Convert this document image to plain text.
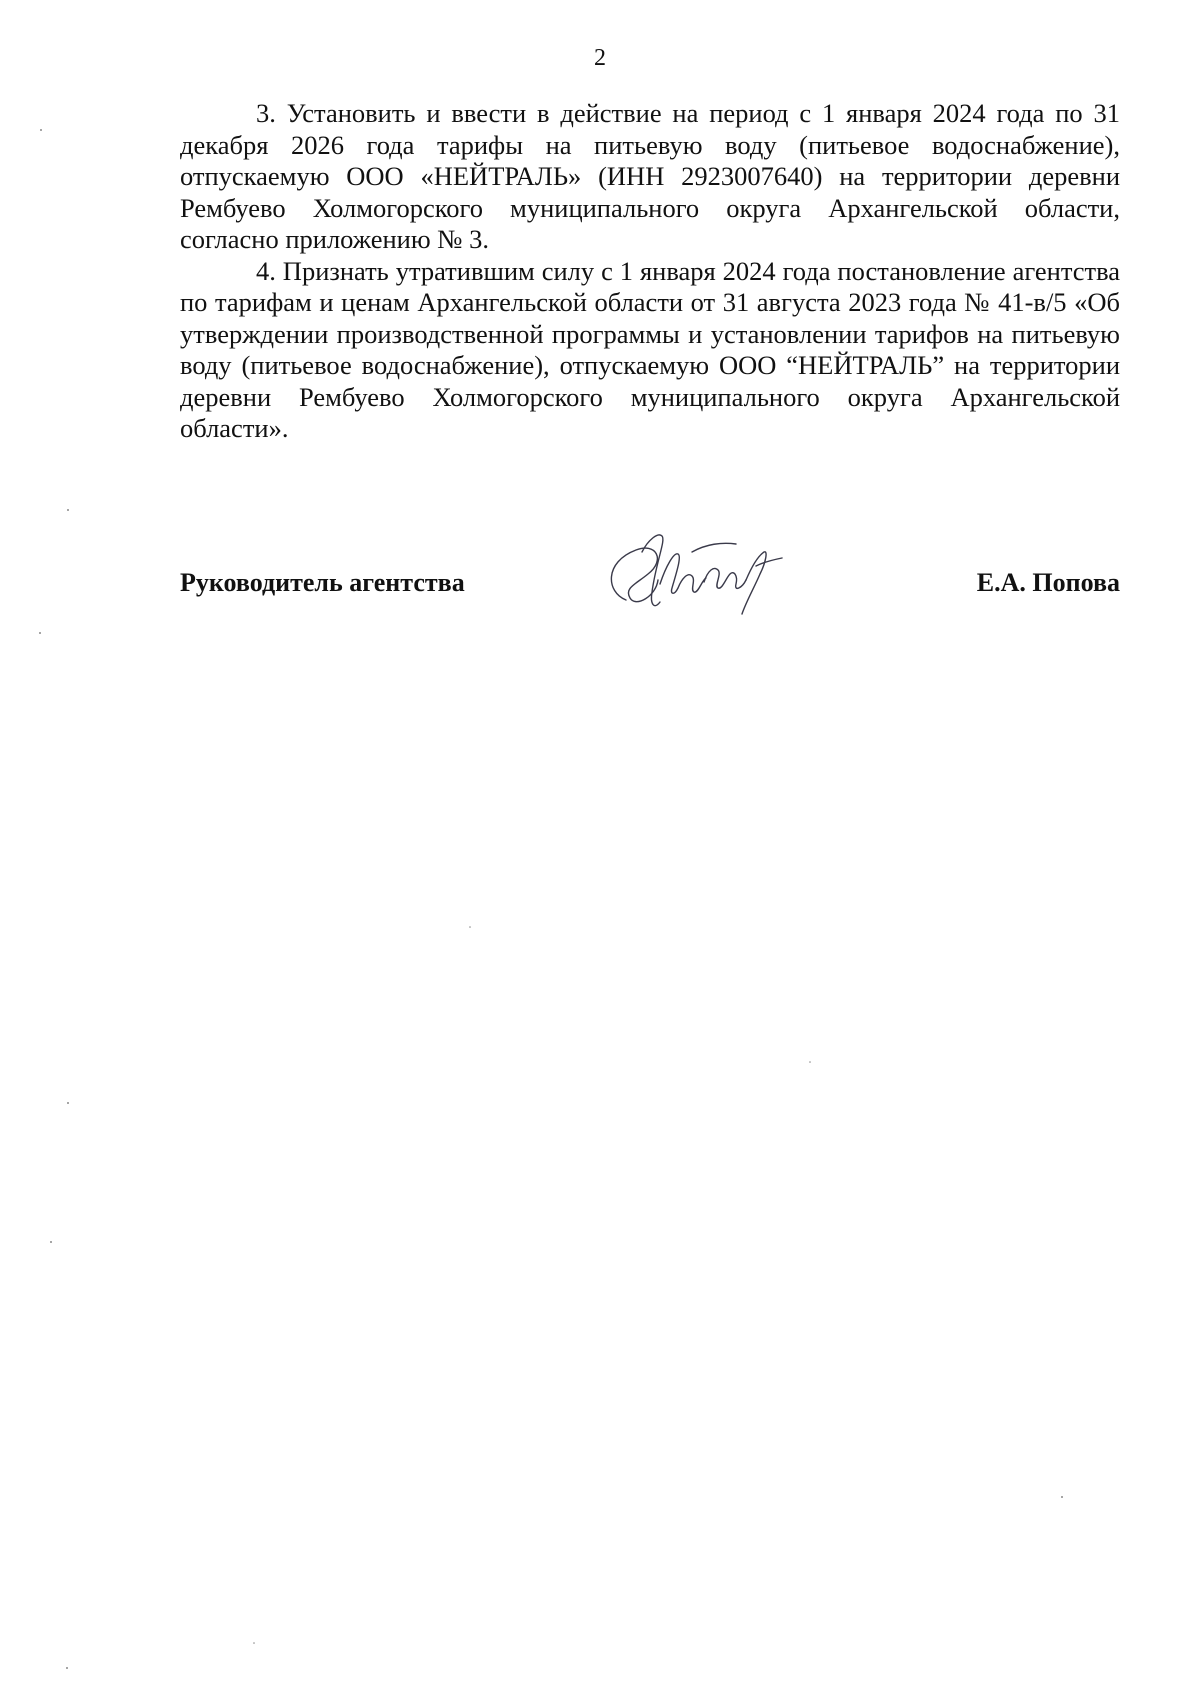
2

3. Установить и ввести в действие на период с 1 января 2024 года по 31 декабря 2026 года тарифы на питьевую воду (питьевое водоснабжение), отпускаемую ООО «НЕЙТРАЛЬ» (ИНН 2923007640) на территории деревни Рембуево Холмогорского муниципального округа Архангельской области, согласно приложению № 3.

4. Признать утратившим силу с 1 января 2024 года постановление агентства по тарифам и ценам Архангельской области от 31 августа 2023 года № 41-в/5 «Об утверждении производственной программы и установлении тарифов на питьевую воду (питьевое водоснабжение), отпускаемую ООО “НЕЙТРАЛЬ” на территории деревни Рембуево Холмогорского муниципального округа Архангельской области».

Руководитель агентства	Е.А. Попова
